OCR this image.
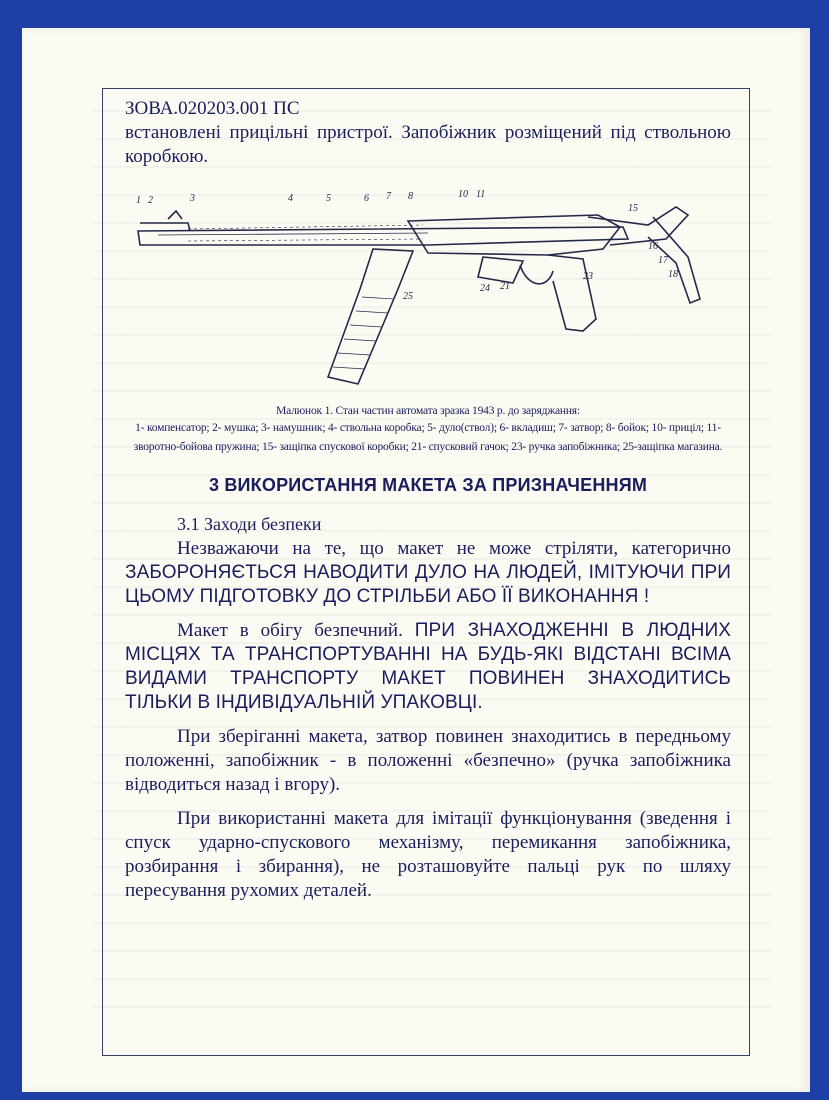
ЗОВА.020203.001 ПС
встановлені прицільні пристрої. Запобіжник розміщений під ствольною коробкою.
1 2	3	4	5	6 7 8	10 11
15
21
23
24
25
16
17
18
Малюнок 1. Стан частин автомата зразка 1943 р. до заряджання:
1- компенсатор; 2- мушка; 3- намушник; 4- ствольна коробка; 5- дуло(ствол); 6- вкладиш; 7- затвор; 8- бойок; 10- приціл; 11-зворотно-бойова пружина; 15- защіпка спускової коробки; 21- спусковий гачок; 23- ручка запобіжника; 25-защіпка магазина.
3 ВИКОРИСТАННЯ МАКЕТА ЗА ПРИЗНАЧЕННЯМ
3.1 Заходи безпеки

Незважаючи на те, що макет не може стріляти, категорично ЗАБОРОНЯЄТЬСЯ НАВОДИТИ ДУЛО НА ЛЮДЕЙ, ІМІТУЮЧИ ПРИ ЦЬОМУ ПІДГОТОВКУ ДО СТРІЛЬБИ АБО ЇЇ ВИКОНАННЯ !

Макет в обігу безпечний. ПРИ ЗНАХОДЖЕННІ В ЛЮДНИХ МІСЦЯХ ТА ТРАНСПОРТУВАННІ НА БУДЬ-ЯКІ ВІДСТАНІ ВСІМА ВИДАМИ ТРАНСПОРТУ МАКЕТ ПОВИНЕН ЗНАХОДИТИСЬ ТІЛЬКИ В ІНДИВІДУАЛЬНІЙ УПАКОВЦІ.

При зберіганні макета, затвор повинен знаходитись в передньому положенні, запобіжник - в положенні «безпечно» (ручка запобіжника відводиться назад і вгору).

При використанні макета для імітації функціонування (зведення і спуск ударно-спускового механізму, перемикання запобіжника, розбирання і збирання), не розташовуйте пальці рук по шляху пересування рухомих деталей.
